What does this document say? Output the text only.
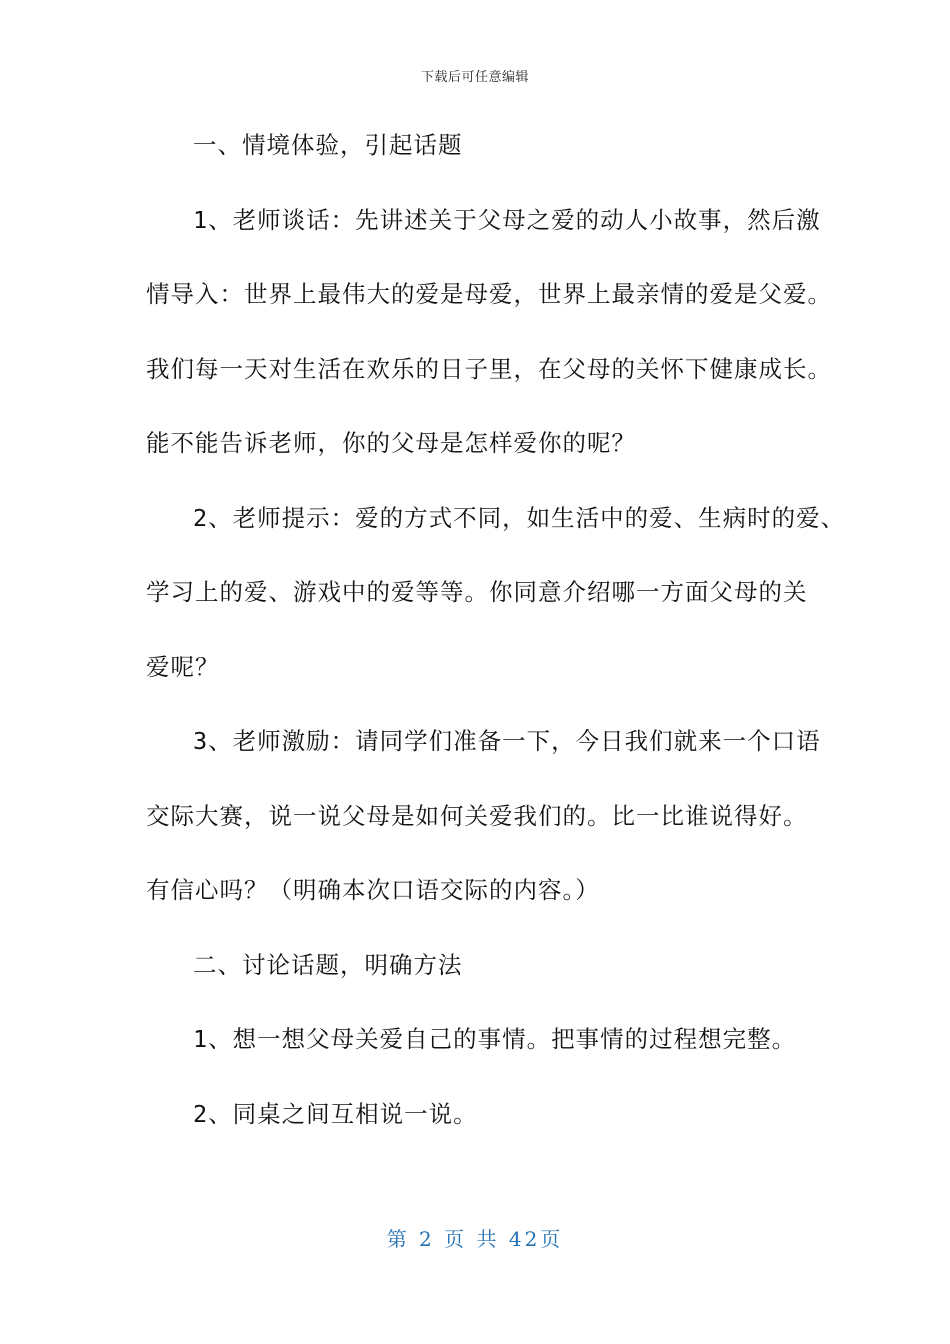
下载后可任意编辑
一、情境体验，引起话题
1、老师谈话：先讲述关于父母之爱的动人小故事，然后激
情导入：世界上最伟大的爱是母爱，世界上最亲情的爱是父爱。
我们每一天对生活在欢乐的日子里，在父母的关怀下健康成长。
能不能告诉老师，你的父母是怎样爱你的呢？
2、老师提示：爱的方式不同，如生活中的爱、生病时的爱、
学习上的爱、游戏中的爱等等。你同意介绍哪一方面父母的关
爱呢？
3、老师激励：请同学们准备一下，今日我们就来一个口语
交际大赛，说一说父母是如何关爱我们的。比一比谁说得好。
有信心吗？（明确本次口语交际的内容。）
二、讨论话题，明确方法
1、想一想父母关爱自己的事情。把事情的过程想完整。
2、同桌之间互相说一说。
第 2 页 共 42页
